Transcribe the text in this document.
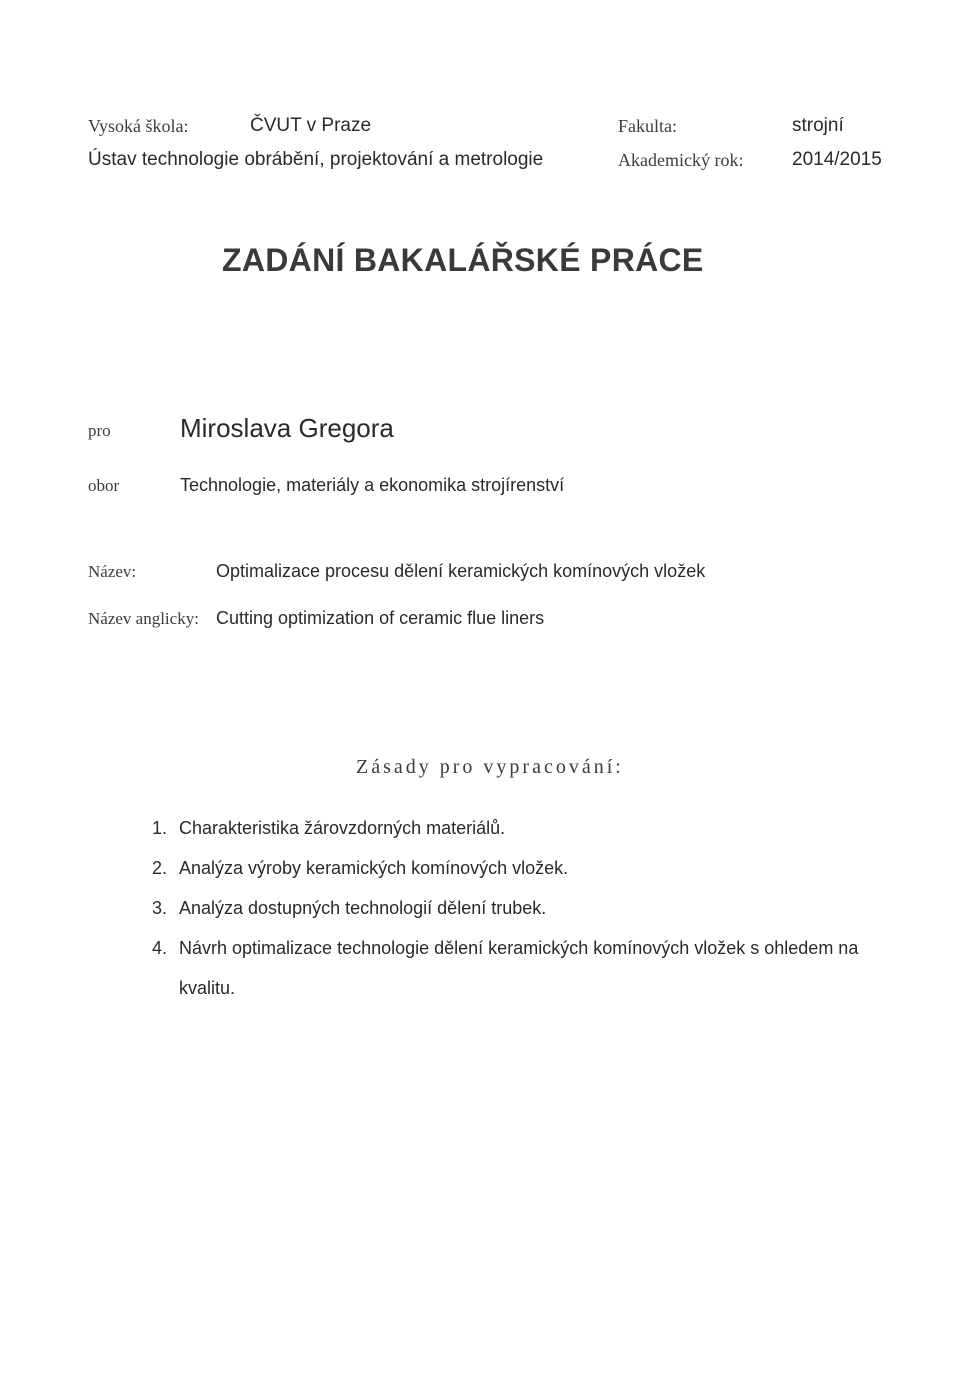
Vysoká škola:	ČVUT v Praze	Fakulta:	strojní
Ústav technologie obrábění, projektování a metrologie	Akademický rok:	2014/2015
ZADÁNÍ BAKALÁŘSKÉ PRÁCE
pro	Miroslava Gregora
obor	Technologie, materiály a ekonomika strojírenství
Název:	Optimalizace procesu dělení keramických komínových vložek
Název anglicky: Cutting optimization of ceramic flue liners
Zásady pro vypracování:
1. Charakteristika žárovzdorných materiálů.
2. Analýza výroby keramických komínových vložek.
3. Analýza dostupných technologií dělení trubek.
4. Návrh optimalizace technologie dělení keramických komínových vložek s ohledem na kvalitu.
